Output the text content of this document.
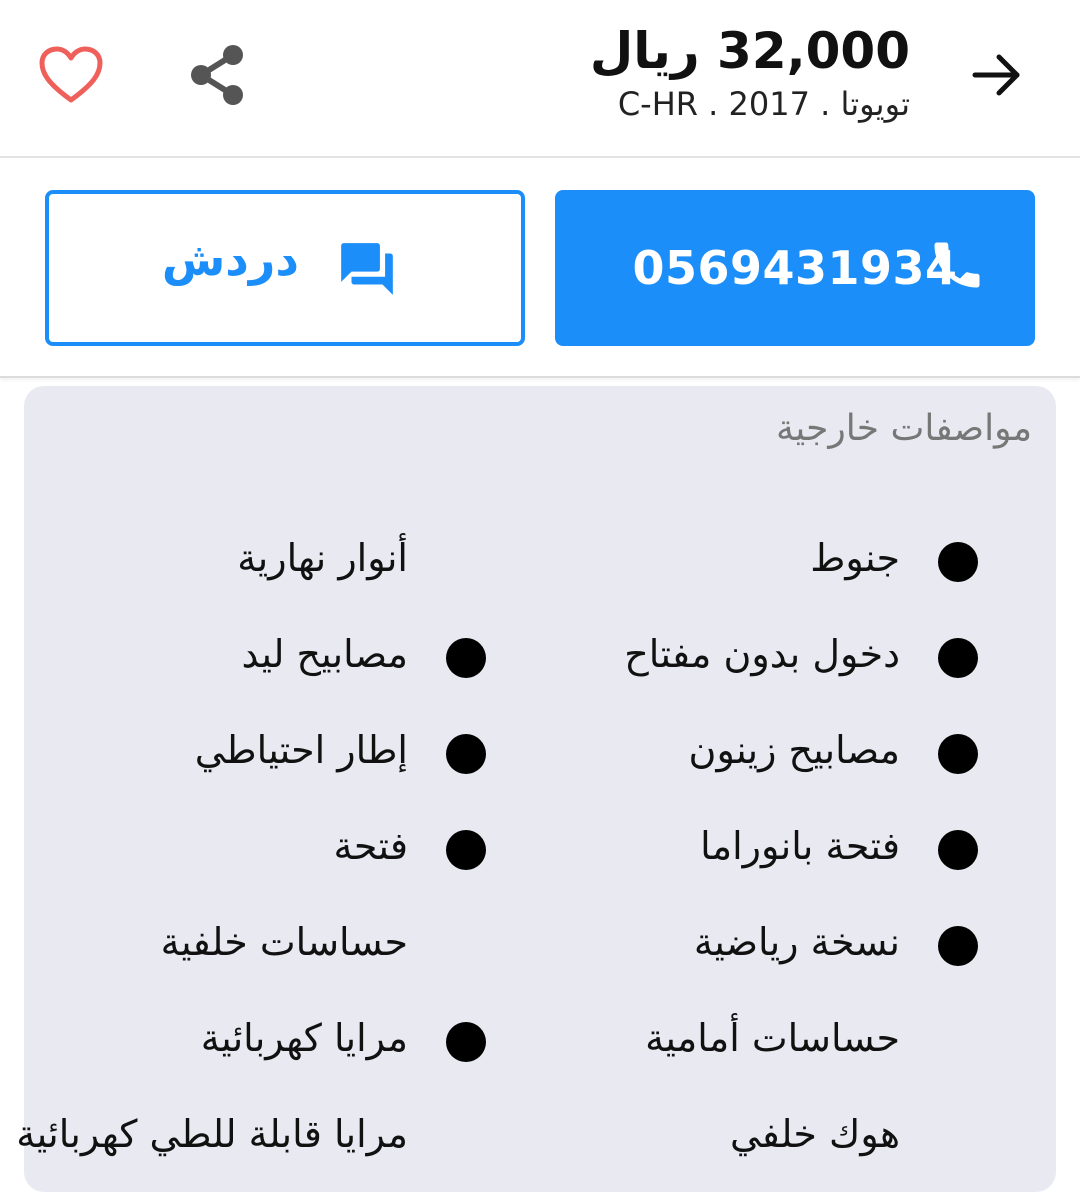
32,000 ريال
تويوتا . 2017 . C-HR
0569431934
دردش
مواصفات خارجية
جنوط
دخول بدون مفتاح
مصابيح زينون
فتحة بانوراما
نسخة رياضية
حساسات أمامية
هوك خلفي
أنوار نهارية
مصابيح ليد
إطار احتياطي
فتحة
حساسات خلفية
مرايا كهربائية
مرايا قابلة للطي كهربائية
